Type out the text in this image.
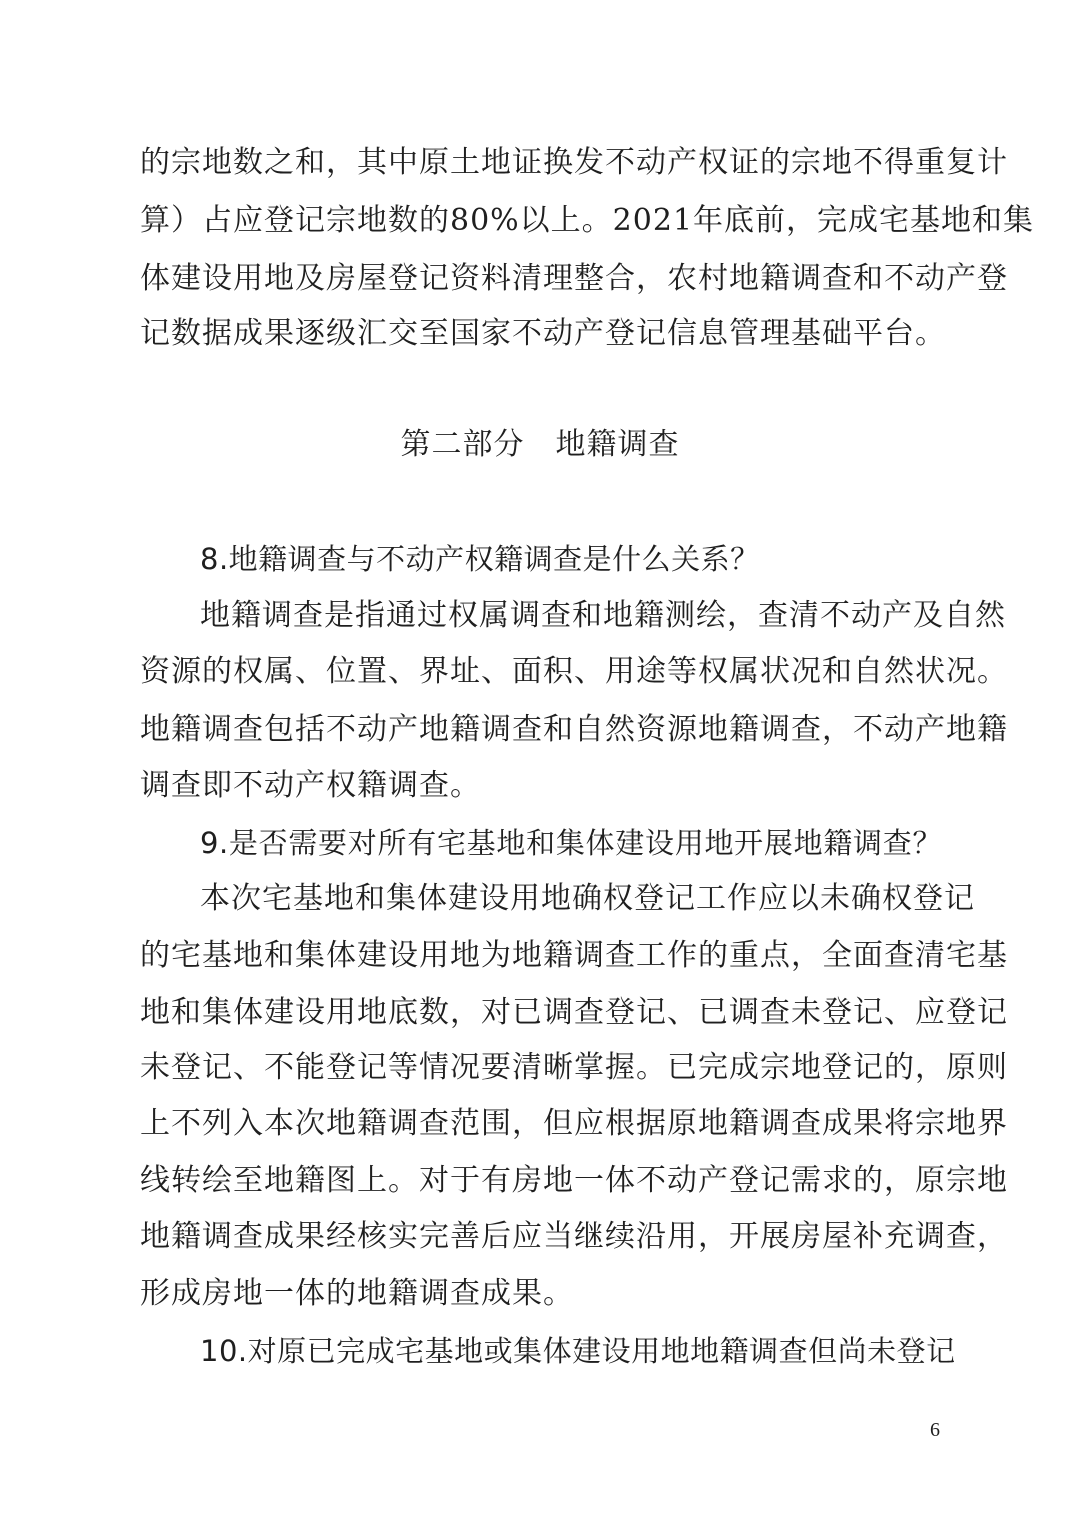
的宗地数之和，其中原土地证换发不动产权证的宗地不得重复计
算）占应登记宗地数的80%以上。2021年底前，完成宅基地和集
体建设用地及房屋登记资料清理整合，农村地籍调查和不动产登
记数据成果逐级汇交至国家不动产登记信息管理基础平台。
第二部分　地籍调查
8.地籍调查与不动产权籍调查是什么关系？
地籍调查是指通过权属调查和地籍测绘，查清不动产及自然
资源的权属、位置、界址、面积、用途等权属状况和自然状况。
地籍调查包括不动产地籍调查和自然资源地籍调查，不动产地籍
调查即不动产权籍调查。
9.是否需要对所有宅基地和集体建设用地开展地籍调查？
本次宅基地和集体建设用地确权登记工作应以未确权登记
的宅基地和集体建设用地为地籍调查工作的重点，全面查清宅基
地和集体建设用地底数，对已调查登记、已调查未登记、应登记
未登记、不能登记等情况要清晰掌握。已完成宗地登记的，原则
上不列入本次地籍调查范围，但应根据原地籍调查成果将宗地界
线转绘至地籍图上。对于有房地一体不动产登记需求的，原宗地
地籍调查成果经核实完善后应当继续沿用，开展房屋补充调查，
形成房地一体的地籍调查成果。
10.对原已完成宅基地或集体建设用地地籍调查但尚未登记
6
